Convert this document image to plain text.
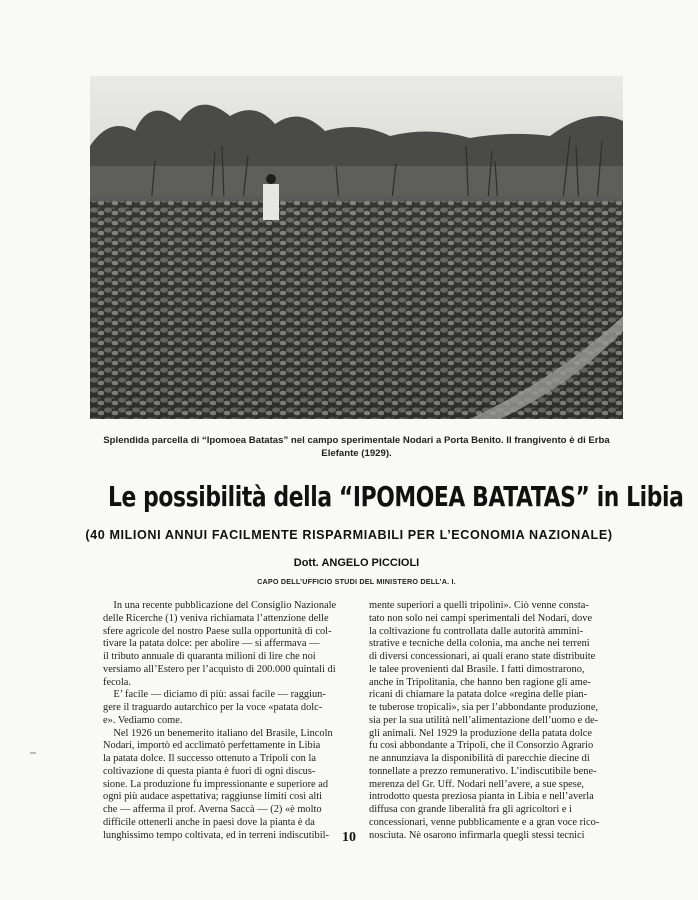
Splendida parcella di “Ipomoea Batatas” nel campo sperimentale Nodari a Porta Benito. Il frangivento è di Erba
Elefante (1929).
Le possibilità della “IPOMOEA BATATAS” in Libia
(40 MILIONI ANNUI FACILMENTE RISPARMIABILI PER L’ECONOMIA NAZIONALE)
Dott. ANGELO PICCIOLI
CAPO DELL’UFFICIO STUDI DEL MINISTERO DELL’A. I.
In una recente pubblicazione del Consiglio Nazionale
delle Ricerche (1) veniva richiamata l’attenzione delle
sfere agricole del nostro Paese sulla opportunità di col-
tivare la patata dolce: per abolire — si affermava —
il tributo annuale di quaranta milioni di lire che noi
versiamo all’Estero per l’acquisto di 200.000 quintali di
fecola.
E’ facile — diciamo di più: assai facile — raggiun-
gere il traguardo autarchico per la voce «patata dolc-
e». Vediamo come.
Nel 1926 un benemerito italiano del Brasile, Lincoln
Nodari, importò ed acclimatò perfettamente in Libia
la patata dolce. Il successo ottenuto a Tripoli con la
coltivazione di questa pianta è fuori di ogni discus-
sione. La produzione fu impressionante e superiore ad
ogni più audace aspettativa; raggiunse limiti così alti
che — afferma il prof. Averna Saccà — (2) «è molto
difficile ottenerli anche in paesi dove la pianta è da
lunghissimo tempo coltivata, ed in terreni indiscutibil-
mente superiori a quelli tripolini». Ciò venne consta-
tato non solo nei campi sperimentali del Nodari, dove
la coltivazione fu controllata dalle autorità ammini-
strative e tecniche della colonia, ma anche nei terreni
di diversi concessionari, ai quali erano state distribuite
le talee provenienti dal Brasile. I fatti dimostrarono,
anche in Tripolitania, che hanno ben ragione gli ame-
ricani di chiamare la patata dolce «regina delle pian-
te tuberose tropicali», sia per l’abbondante produzione,
sia per la sua utilità nell’alimentazione dell’uomo e de-
gli animali. Nel 1929 la produzione della patata dolce
fu così abbondante a Tripoli, che il Consorzio Agrario
ne annunziava la disponibilità di parecchie diecine di
tonnellate a prezzo remunerativo. L’indiscutibile bene-
merenza del Gr. Uff. Nodari nell’avere, a sue spese,
introdotto questa preziosa pianta in Libia e nell’averla
diffusa con grande liberalità fra gli agricoltori e i
concessionari, venne pubblicamente e a gran voce rico-
nosciuta. Nè osarono infirmarla quegli stessi tecnici
10
